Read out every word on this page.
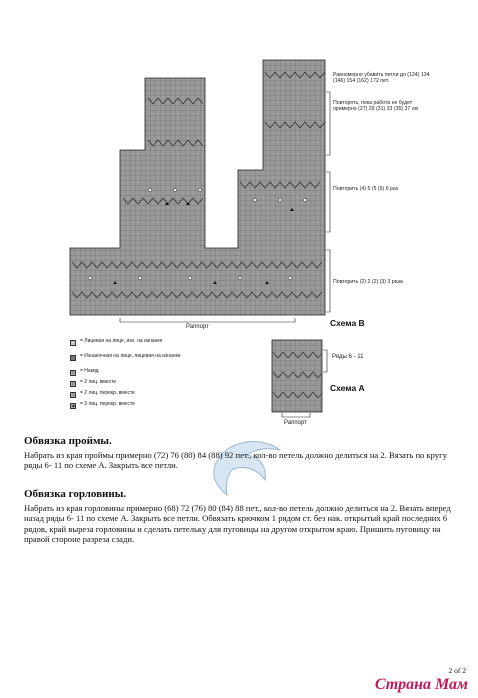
Равномерно убавить петли до (124) 134 (146) 154 (162) 172 пет.
Повторять, пока работа не будет примерно (27) 29 (31) 33 (35) 37 см
Повторить (4) 5 (5 (6) 6 раз
Повторить (2) 2 (2) (3) 3 раза
Раппорт	Схема В
Ряды 6 - 11
Схема А
Раппорт
■ = Лицевая на лице, изн. на изнанке
■ = Изнаночная на лице, лицевая на изнанке
○ = Накид
/	= 2 лиц. вместе
\	= 2 лиц. перекр. вместе
▲ = 3 лиц. перекр. вместе
Обвязка проймы.

Набрать из края проймы примерно (72) 76 (80) 84 (88) 92 пет., кол-во петель должно делиться на 2. Вязать по кругу ряды 6- 11 по схеме А. Закрыть все петли.

Обвязка горловины.

Набрать из края горловины примерно (68) 72 (76) 80 (84) 88 пет., кол-во петель должно делиться на 2. Вязать вперед назад ряды 6- 11 по схеме А. Закрыть все петли. Обвязать крючком 1 рядом ст. без нак. открытый край последних 6 рядов, край выреза горловины и сделать петельку для пуговицы на другом открытом краю. Пришить пуговицу на правой стороне разреза сзади.

2 of 2
Страна Мам
